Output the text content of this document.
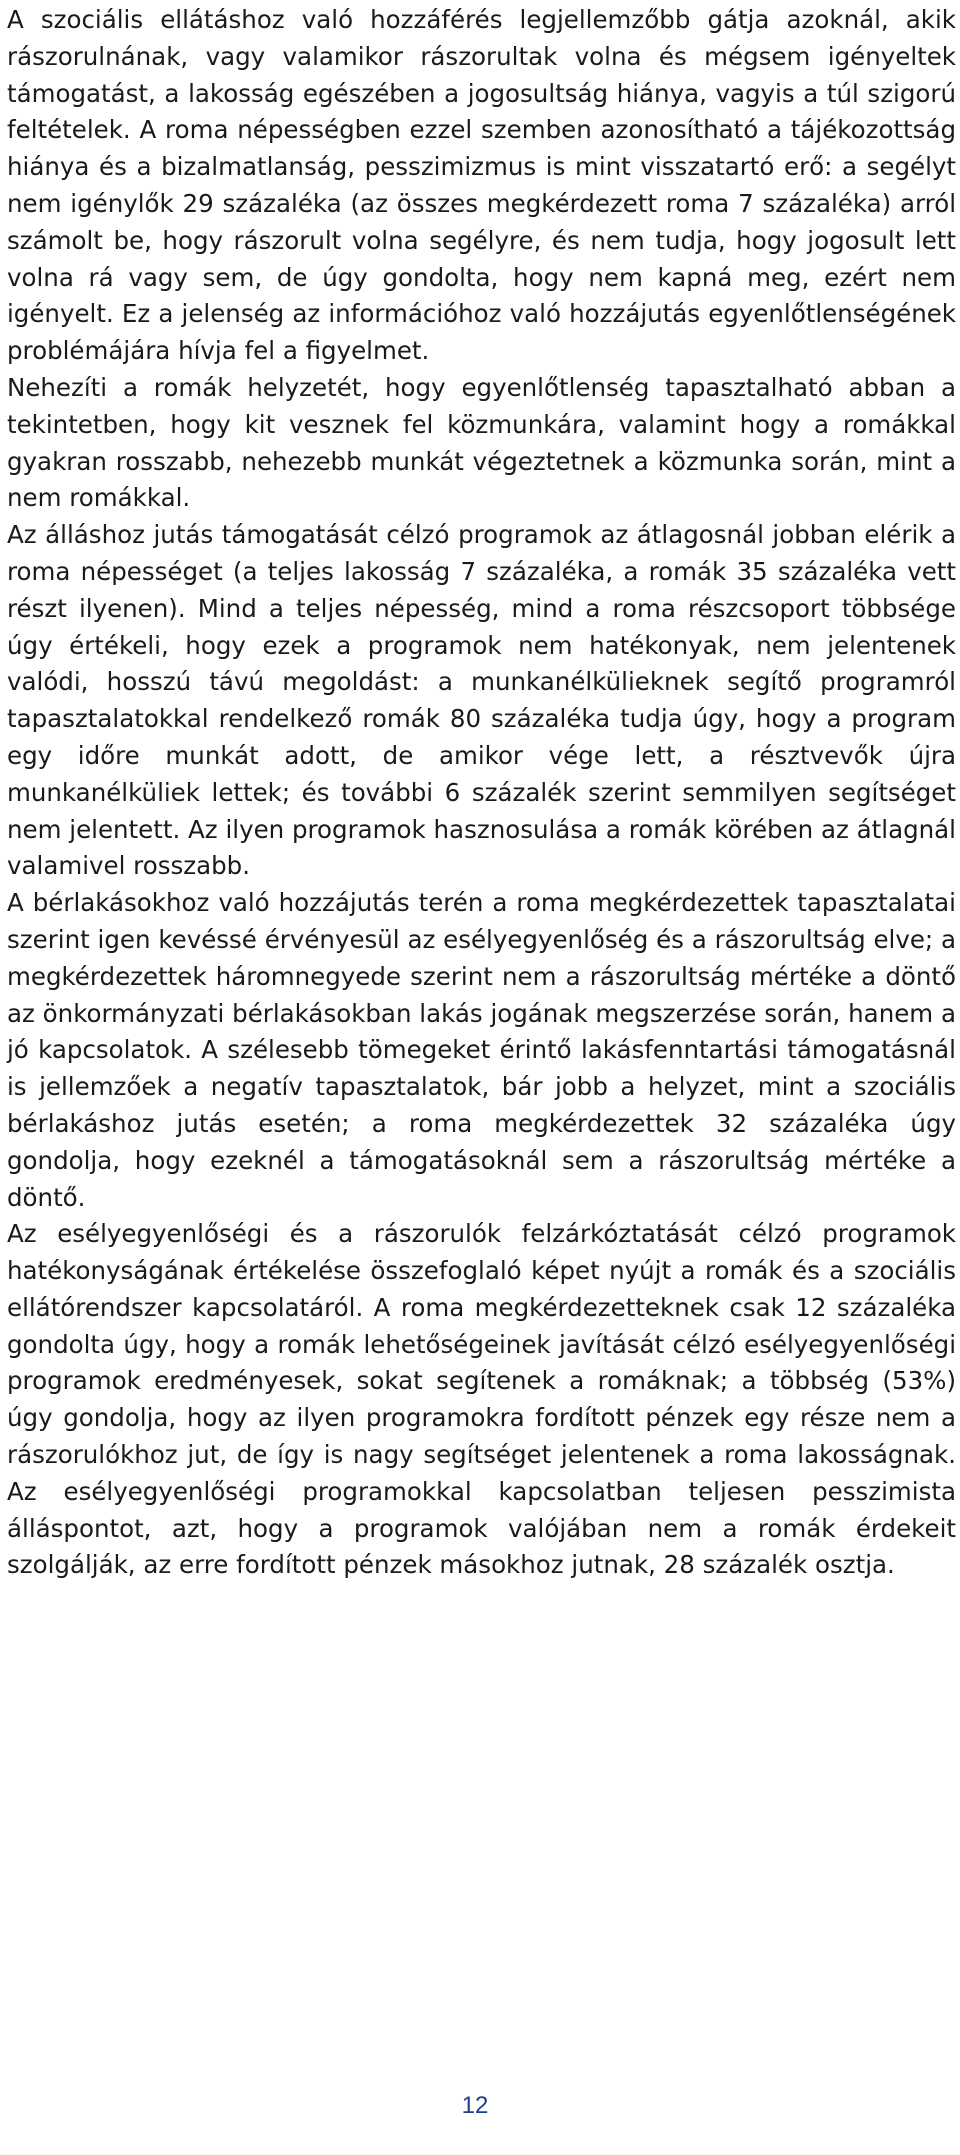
A szociális ellátáshoz való hozzáférés legjellemzőbb gátja azoknál, akik rászorulnának, vagy valamikor rászorultak volna és mégsem igényeltek támogatást, a lakosság egészében a jogosultság hiánya, vagyis a túl szigorú feltételek. A roma népességben ezzel szemben azonosítható a tájékozottság hiánya és a bizalmatlanság, pesszimizmus is mint visszatartó erő: a segélyt nem igénylők 29 százaléka (az összes megkérdezett roma 7 százaléka) arról számolt be, hogy rászorult volna segélyre, és nem tudja, hogy jogosult lett volna rá vagy sem, de úgy gondolta, hogy nem kapná meg, ezért nem igényelt. Ez a jelenség az információhoz való hozzájutás egyenlőtlenségének problémájára hívja fel a figyelmet.

Nehezíti a romák helyzetét, hogy egyenlőtlenség tapasztalható abban a tekintetben, hogy kit vesznek fel közmunkára, valamint hogy a romákkal gyakran rosszabb, nehezebb munkát végeztetnek a közmunka során, mint a nem romákkal.

Az álláshoz jutás támogatását célzó programok az átlagosnál jobban elérik a roma népességet (a teljes lakosság 7 százaléka, a romák 35 százaléka vett részt ilyenen). Mind a teljes népesség, mind a roma részcsoport többsége úgy értékeli, hogy ezek a programok nem hatékonyak, nem jelentenek valódi, hosszú távú megoldást: a munkanélkülieknek segítő programról tapasztalatokkal rendelkező romák 80 százaléka tudja úgy, hogy a program egy időre munkát adott, de amikor vége lett, a résztvevők újra munkanélküliek lettek; és további 6 százalék szerint semmilyen segítséget nem jelentett. Az ilyen programok hasznosulása a romák körében az átlagnál valamivel rosszabb.

A bérlakásokhoz való hozzájutás terén a roma megkérdezettek tapasztalatai szerint igen kevéssé érvényesül az esélyegyenlőség és a rászorultság elve; a megkérdezettek háromnegyede szerint nem a rászorultság mértéke a döntő az önkormányzati bérlakásokban lakás jogának megszerzése során, hanem a jó kapcsolatok. A szélesebb tömegeket érintő lakásfenntartási támogatásnál is jellemzőek a negatív tapasztalatok, bár jobb a helyzet, mint a szociális bérlakáshoz jutás esetén; a roma megkérdezettek 32 százaléka úgy gondolja, hogy ezeknél a támogatásoknál sem a rászorultság mértéke a döntő.

Az esélyegyenlőségi és a rászorulók felzárkóztatását célzó programok hatékonyságának értékelése összefoglaló képet nyújt a romák és a szociális ellátórendszer kapcsolatáról. A roma megkérdezetteknek csak 12 százaléka gondolta úgy, hogy a romák lehetőségeinek javítását célzó esélyegyenlőségi programok eredményesek, sokat segítenek a romáknak; a többség (53%) úgy gondolja, hogy az ilyen programokra fordított pénzek egy része nem a rászorulókhoz jut, de így is nagy segítséget jelentenek a roma lakosságnak. Az esélyegyenlőségi programokkal kapcsolatban teljesen pesszimista álláspontot, azt, hogy a programok valójában nem a romák érdekeit szolgálják, az erre fordított pénzek másokhoz jutnak, 28 százalék osztja.

12
